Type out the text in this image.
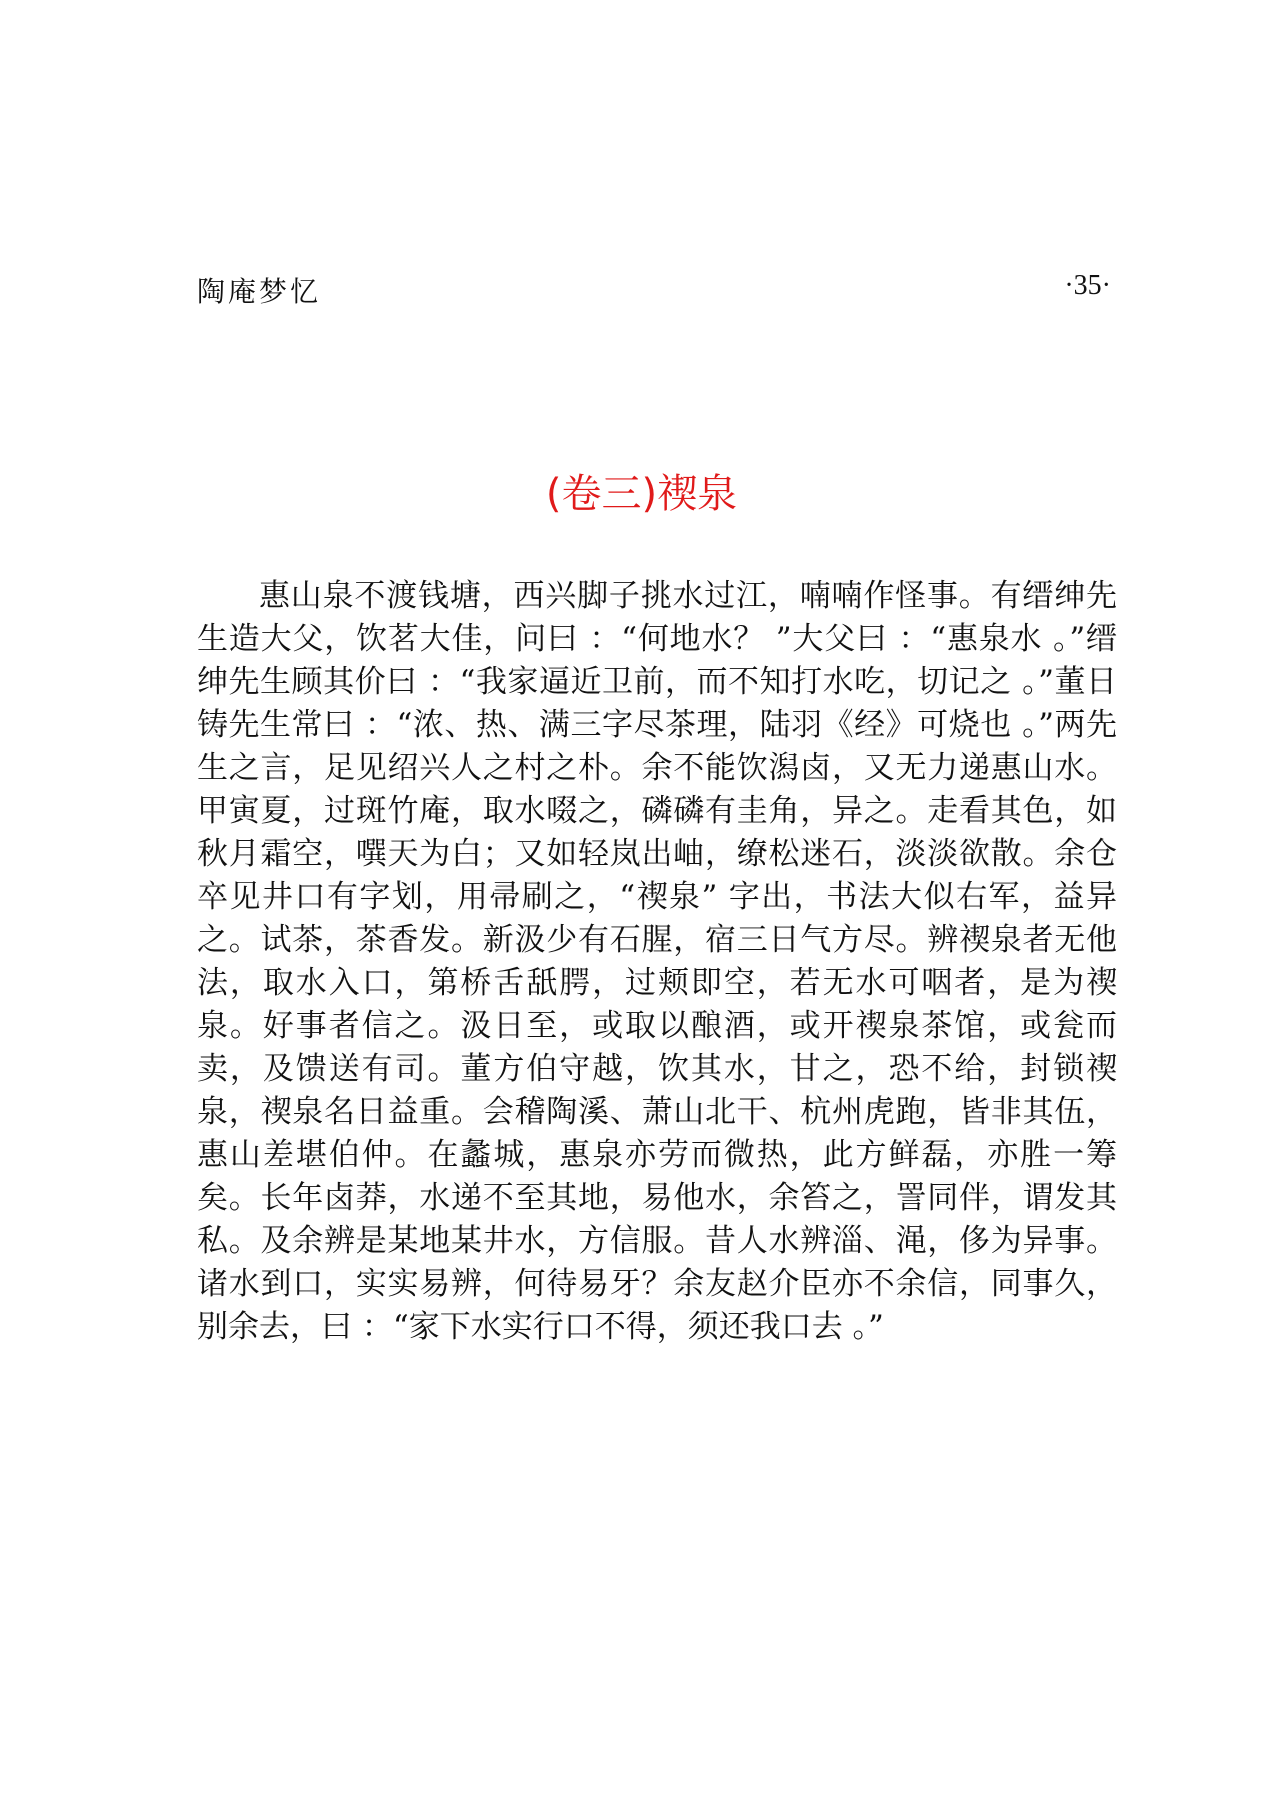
陶庵梦忆	·35·
(卷三)禊泉

惠山泉不渡钱塘，西兴脚子挑水过江，喃喃作怪事。有缙绅先生造大父，饮茗大佳，问曰 ：“何地水？ ”大父曰 ：“惠泉水 。”缙绅先生顾其价曰 ：“我家逼近卫前，而不知打水吃，切记之 。”董日铸先生常曰 ：“浓、热、满三字尽茶理，陆羽《经》可烧也 。”两先生之言，足见绍兴人之村之朴。余不能饮潟卤，又无力递惠山水。甲寅夏，过斑竹庵，取水啜之，磷磷有圭角，异之。走看其色，如秋月霜空，噀天为白；又如轻岚出岫，缭松迷石，淡淡欲散。余仓卒见井口有字划，用帚刷之，“禊泉” 字出，书法大似右军，益异之。试茶，茶香发。新汲少有石腥，宿三日气方尽。辨禊泉者无他法，取水入口，第桥舌舐腭，过颊即空，若无水可咽者，是为禊泉。好事者信之。汲日至，或取以酿酒，或开禊泉茶馆，或瓮而卖，及馈送有司。董方伯守越，饮其水，甘之，恐不给，封锁禊泉，禊泉名日益重。会稽陶溪、萧山北干、杭州虎跑，皆非其伍，惠山差堪伯仲。在蠡城，惠泉亦劳而微热，此方鲜磊，亦胜一筹矣。长年卤莽，水递不至其地，易他水，余笞之，詈同伴，谓发其私。及余辨是某地某井水，方信服。昔人水辨淄、渑，侈为异事。诸水到口，实实易辨，何待易牙？余友赵介臣亦不余信，同事久，别余去，曰 ：“家下水实行口不得，须还我口去 。”
